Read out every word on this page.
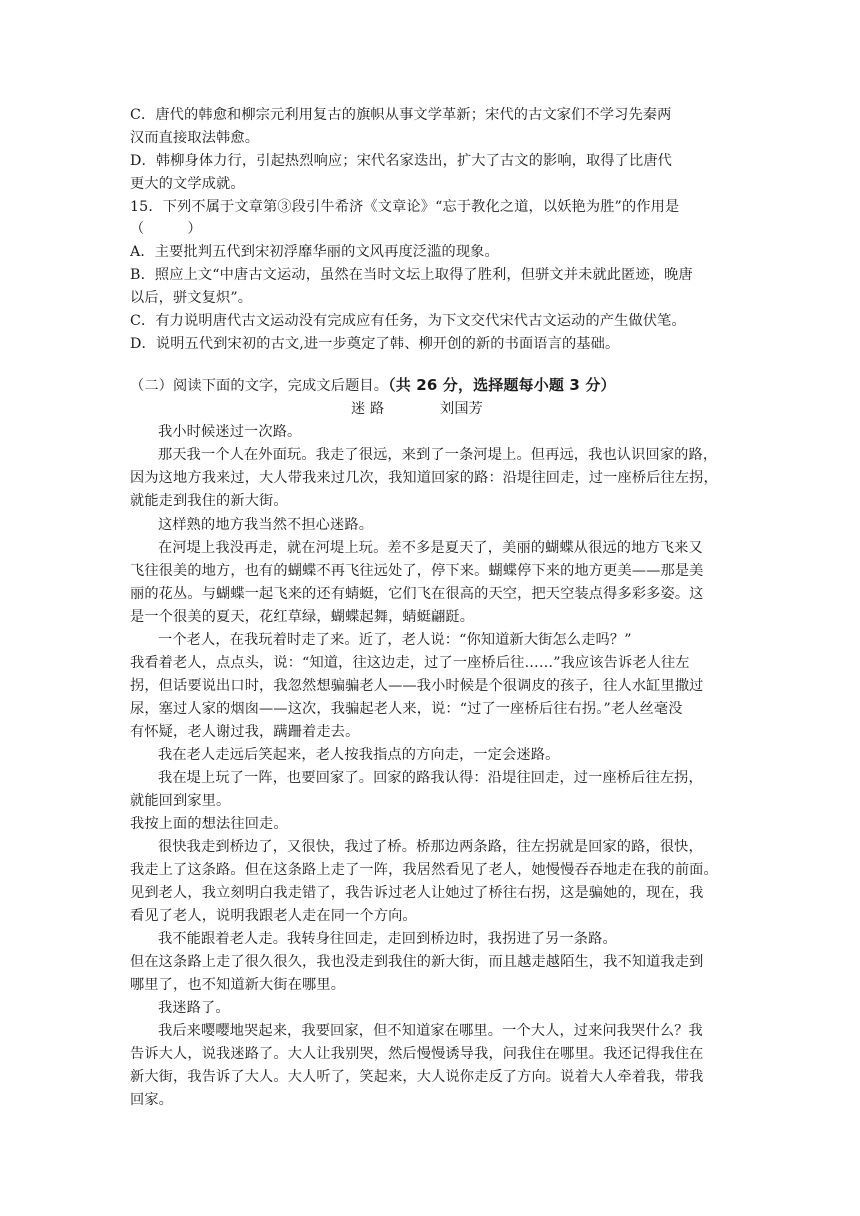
C．唐代的韩愈和柳宗元利用复古的旗帜从事文学革新；宋代的古文家们不学习先秦两
汉而直接取法韩愈。
D．韩柳身体力行，引起热烈响应；宋代名家迭出，扩大了古文的影响，取得了比唐代
更大的文学成就。
15．下列不属于文章第③段引牛希济《文章论》“忘于教化之道，以妖艳为胜”的作用是
（　　　）
A．主要批判五代到宋初浮靡华丽的文风再度泛滥的现象。
B．照应上文“中唐古文运动，虽然在当时文坛上取得了胜利，但骈文并未就此匿迹，晚唐
以后，骈文复炽”。
C．有力说明唐代古文运动没有完成应有任务，为下文交代宋代古文运动的产生做伏笔。
D．说明五代到宋初的古文,进一步奠定了韩、柳开创的新的书面语言的基础。
（二）阅读下面的文字，完成文后题目。（共 26 分，选择题每小题 3 分）
迷 路	刘国芳
我小时候迷过一次路。
那天我一个人在外面玩。我走了很远，来到了一条河堤上。但再远，我也认识回家的路，
因为这地方我来过，大人带我来过几次，我知道回家的路：沿堤往回走，过一座桥后往左拐，
就能走到我住的新大街。
这样熟的地方我当然不担心迷路。
在河堤上我没再走，就在河堤上玩。差不多是夏天了，美丽的蝴蝶从很远的地方飞来又
飞往很美的地方，也有的蝴蝶不再飞往远处了，停下来。蝴蝶停下来的地方更美——那是美
丽的花丛。与蝴蝶一起飞来的还有蜻蜓，它们飞在很高的天空，把天空装点得多彩多姿。这
是一个很美的夏天，花红草绿，蝴蝶起舞，蜻蜓翩跹。
一个老人，在我玩着时走了来。近了，老人说：“你知道新大街怎么走吗？”
我看着老人，点点头，说：“知道，往这边走，过了一座桥后往……”我应该告诉老人往左
拐，但话要说出口时，我忽然想骗骗老人——我小时候是个很调皮的孩子，往人水缸里撒过
尿，塞过人家的烟囱——这次，我骗起老人来，说：“过了一座桥后往右拐。”老人丝毫没
有怀疑，老人谢过我，蹒跚着走去。
我在老人走远后笑起来，老人按我指点的方向走，一定会迷路。
我在堤上玩了一阵，也要回家了。回家的路我认得：沿堤往回走，过一座桥后往左拐，
就能回到家里。
我按上面的想法往回走。
很快我走到桥边了，又很快，我过了桥。桥那边两条路，往左拐就是回家的路，很快，
我走上了这条路。但在这条路上走了一阵，我居然看见了老人，她慢慢吞吞地走在我的前面。
见到老人，我立刻明白我走错了，我告诉过老人让她过了桥往右拐，这是骗她的，现在，我
看见了老人，说明我跟老人走在同一个方向。
我不能跟着老人走。我转身往回走，走回到桥边时，我拐进了另一条路。
但在这条路上走了很久很久，我也没走到我住的新大街，而且越走越陌生，我不知道我走到
哪里了，也不知道新大街在哪里。
我迷路了。
我后来嘤嘤地哭起来，我要回家，但不知道家在哪里。一个大人，过来问我哭什么？我
告诉大人，说我迷路了。大人让我别哭，然后慢慢诱导我，问我住在哪里。我还记得我住在
新大街，我告诉了大人。大人听了，笑起来，大人说你走反了方向。说着大人牵着我，带我
回家。
